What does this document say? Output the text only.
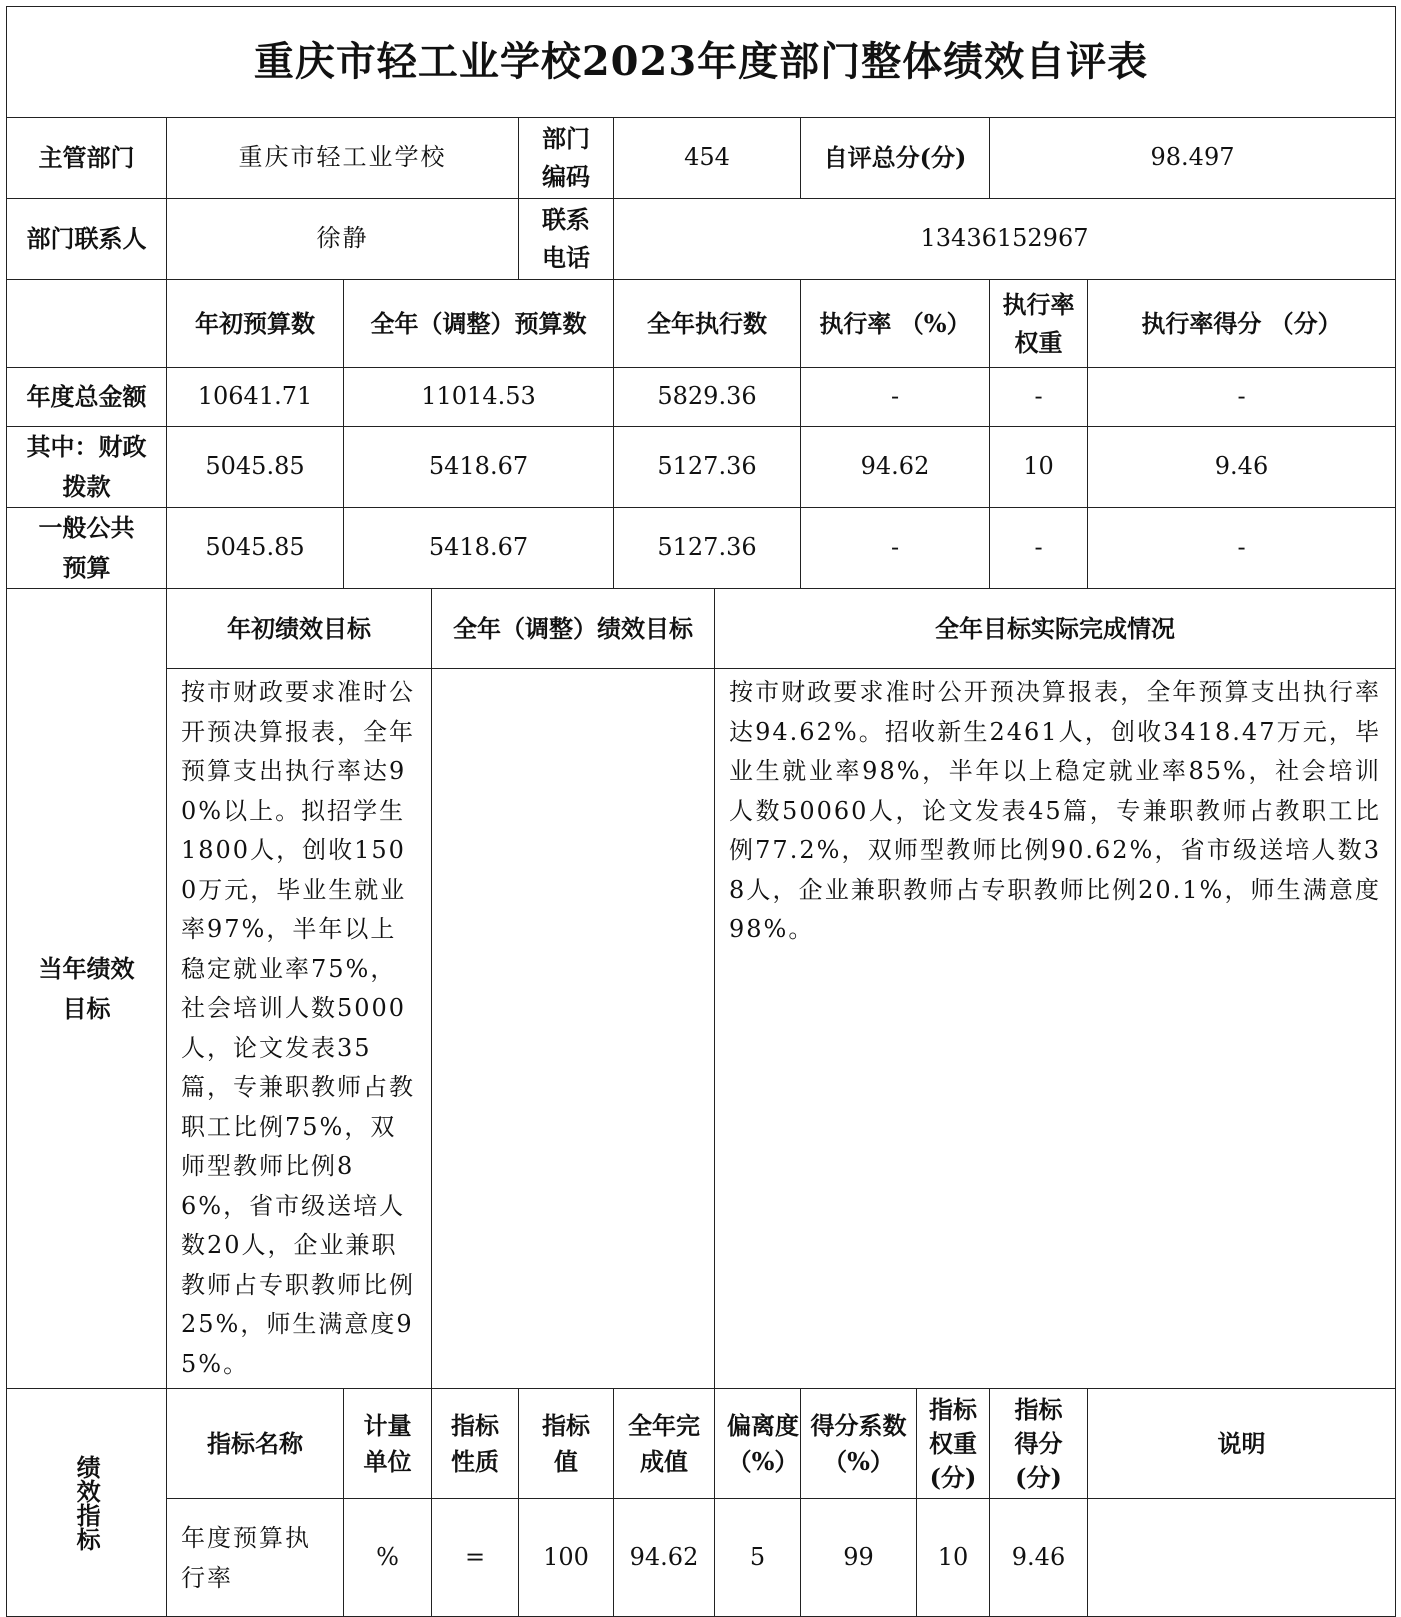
重庆市轻工业学校2023年度部门整体绩效自评表										
主管部门	重庆市轻工业学校			部门编码	454		自评总分(分)		98.497	
部门联系人	徐静			联系电话	13436152967					
	年初预算数	全年（调整）预算数			全年执行数		执行率 （%）		执行率权重	执行率得分 （分）
年度总金额	10641.71	11014.53			5829.36		-		-	-

其中：财政拨款	5045.85	5418.67			5127.36		94.62		10	9.46

一般公共预算	5045.85	5418.67			5127.36		-		-	-

当年绩效目标	年初绩效目标		全年（调整）绩效目标			全年目标实际完成情况				
	按市财政要求准时公开预决算报表，全年预算支出执行率达90%以上。拟招学生1800人，创收1500万元，毕业生就业率97%，半年以上稳定就业率75%，社会培训人数5000人，论文发表35篇，专兼职教师占教职工比例75%，双师型教师比例86%，省市级送培人数20人，企业兼职教师占专职教师比例25%，师生满意度95%。					按市财政要求准时公开预决算报表，全年预算支出执行率达94.62%。招收新生2461人，创收3418.47万元，毕业生就业率98%，半年以上稳定就业率85%，社会培训人数50060人，论文发表45篇，专兼职教师占教职工比例77.2%，双师型教师比例90.62%，省市级送培人数38人，企业兼职教师占专职教师比例20.1%，师生满意度98%。				

绩效指标	指标名称	计量单位	指标性质	指标值	全年完成值	偏离度（%）	得分系数（%）	指标权重(分)	指标得分(分)	说明

	年度预算执行率	%	=	100	94.62	5	99	10	9.46	
